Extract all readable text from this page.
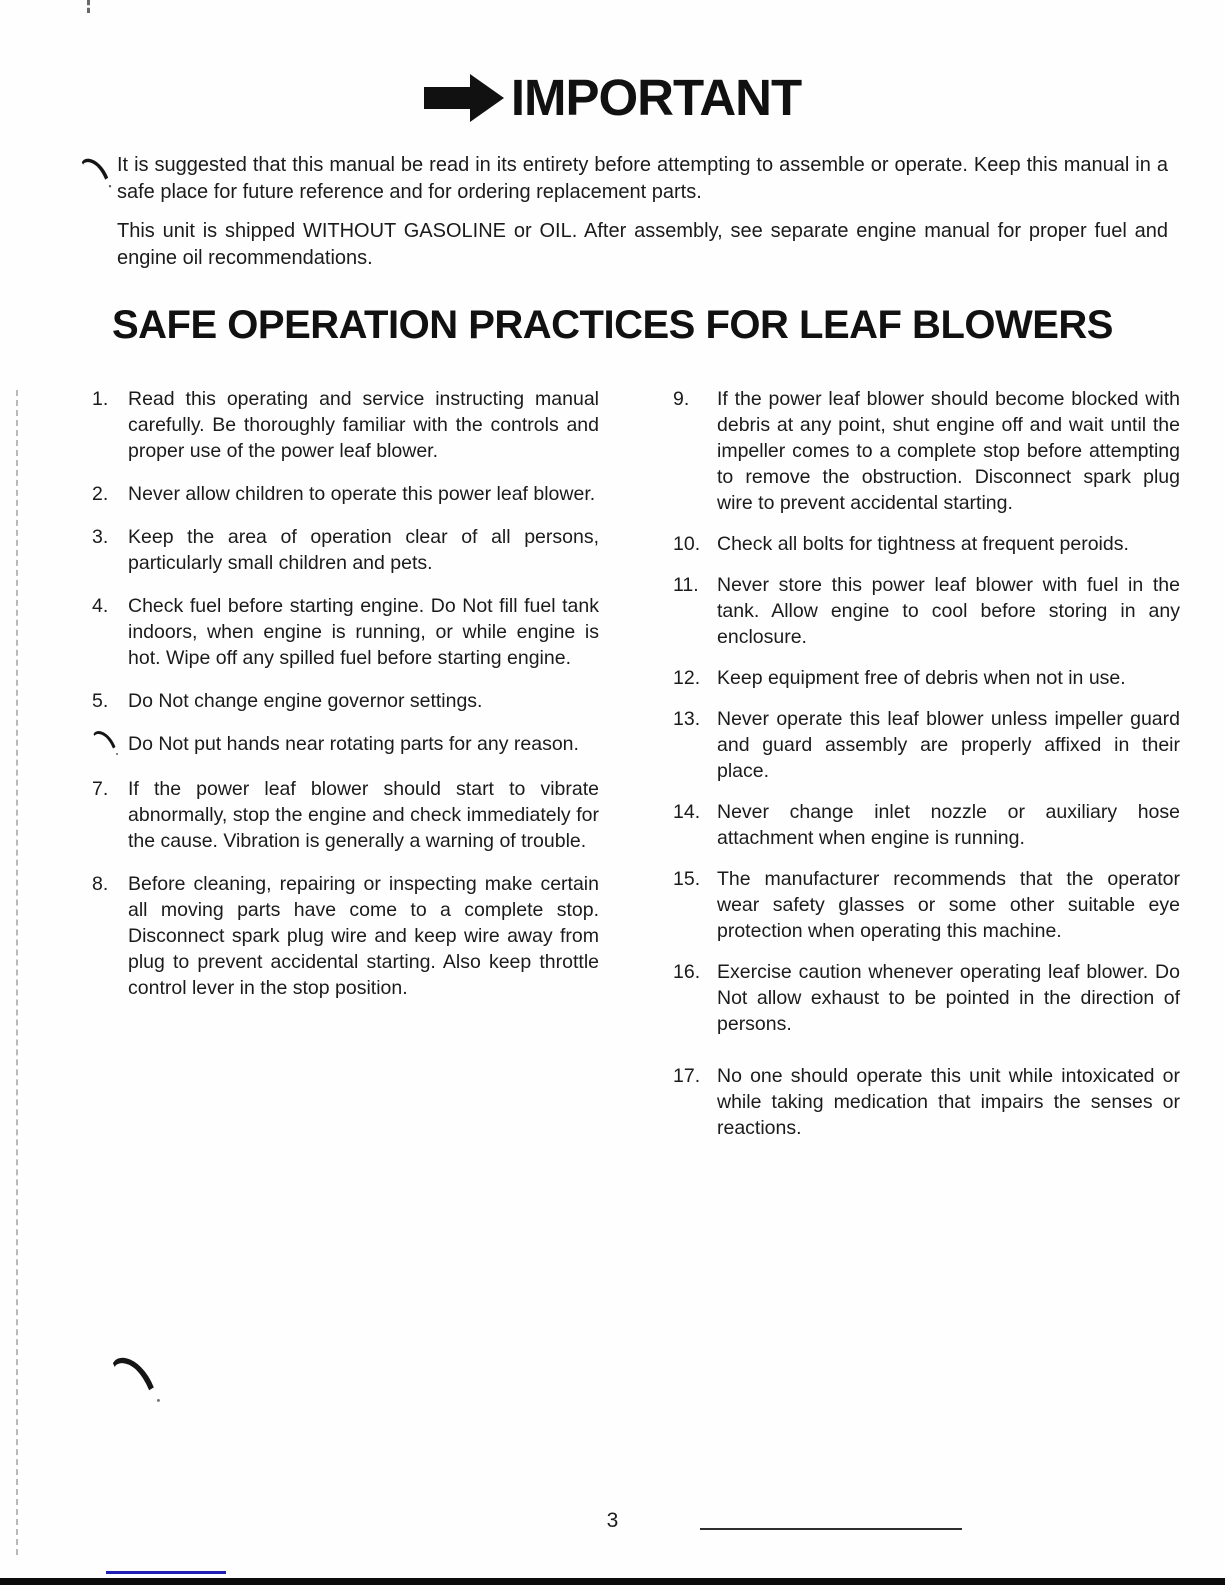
IMPORTANT

It is suggested that this manual be read in its entirety before attempting to assemble or operate. Keep this manual in a safe place for future reference and for ordering replacement parts.

This unit is shipped WITHOUT GASOLINE or OIL. After assembly, see separate engine manual for proper fuel and engine oil recommendations.

SAFE OPERATION PRACTICES FOR LEAF BLOWERS
1.	Read this operating and service instructing manual carefully. Be thoroughly familiar with the controls and proper use of the power leaf blower.
2.	Never allow children to operate this power leaf blower.
3.	Keep the area of operation clear of all persons, particularly small children and pets.
4.	Check fuel before starting engine. Do Not fill fuel tank indoors, when engine is running, or while engine is hot. Wipe off any spilled fuel before starting engine.
5.	Do Not change engine governor settings.
Do Not put hands near rotating parts for any reason.
7.	If the power leaf blower should start to vibrate abnormally, stop the engine and check immediately for the cause. Vibration is generally a warning of trouble.
8.	Before cleaning, repairing or inspecting make certain all moving parts have come to a complete stop. Disconnect spark plug wire and keep wire away from plug to prevent accidental starting. Also keep throttle control lever in the stop position.
9.	If the power leaf blower should become blocked with debris at any point, shut engine off and wait until the impeller comes to a complete stop before attempting to remove the obstruction. Disconnect spark plug wire to prevent accidental starting.
10. Check all bolts for tightness at frequent peroids.
11. Never store this power leaf blower with fuel in the tank. Allow engine to cool before storing in any enclosure.
12. Keep equipment free of debris when not in use.
13. Never operate this leaf blower unless impeller guard and guard assembly are properly affixed in their place.
14. Never change inlet nozzle or auxiliary hose attachment when engine is running.
15. The manufacturer recommends that the operator wear safety glasses or some other suitable eye protection when operating this machine.
16. Exercise caution whenever operating leaf blower. Do Not allow exhaust to be pointed in the direction of persons.
17. No one should operate this unit while intoxicated or while taking medication that impairs the senses or reactions.
3
